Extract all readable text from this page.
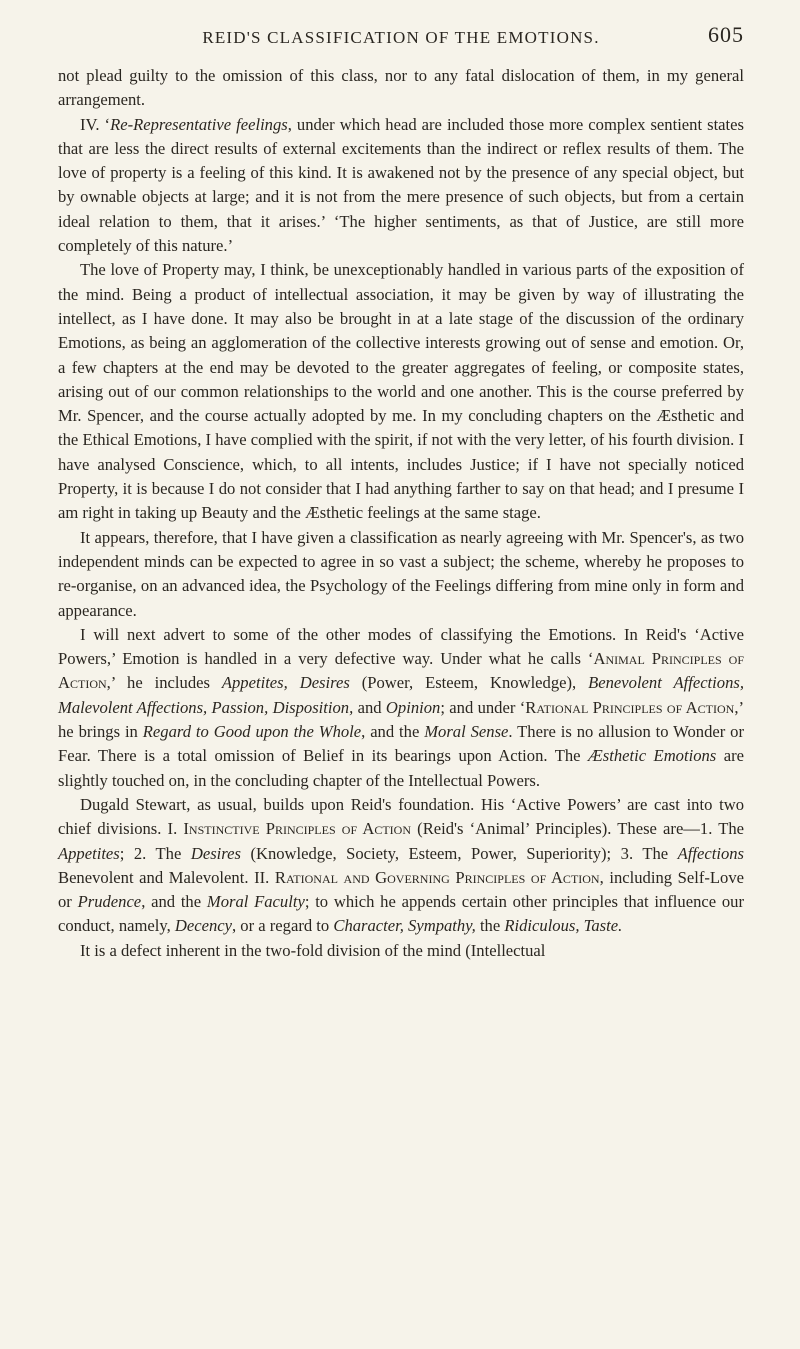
REID'S CLASSIFICATION OF THE EMOTIONS.	605

not plead guilty to the omission of this class, nor to any fatal dislocation of them, in my general arrangement.

IV. ‘Re-Representative feelings, under which head are included those more complex sentient states that are less the direct results of external excitements than the indirect or reflex results of them. The love of property is a feeling of this kind. It is awakened not by the presence of any special object, but by ownable objects at large; and it is not from the mere presence of such objects, but from a certain ideal relation to them, that it arises.’ ‘The higher sentiments, as that of Justice, are still more completely of this nature.’

The love of Property may, I think, be unexceptionably handled in various parts of the exposition of the mind. Being a product of intellectual association, it may be given by way of illustrating the intellect, as I have done. It may also be brought in at a late stage of the discussion of the ordinary Emotions, as being an agglomeration of the collective interests growing out of sense and emotion. Or, a few chapters at the end may be devoted to the greater aggregates of feeling, or composite states, arising out of our common relationships to the world and one another. This is the course preferred by Mr. Spencer, and the course actually adopted by me. In my concluding chapters on the Æsthetic and the Ethical Emotions, I have complied with the spirit, if not with the very letter, of his fourth division. I have analysed Conscience, which, to all intents, includes Justice; if I have not specially noticed Property, it is because I do not consider that I had anything farther to say on that head; and I presume I am right in taking up Beauty and the Æsthetic feelings at the same stage.

It appears, therefore, that I have given a classification as nearly agreeing with Mr. Spencer's, as two independent minds can be expected to agree in so vast a subject; the scheme, whereby he proposes to re-organise, on an advanced idea, the Psychology of the Feelings differing from mine only in form and appearance.

I will next advert to some of the other modes of classifying the Emotions. In Reid's ‘Active Powers,’ Emotion is handled in a very defective way. Under what he calls ‘Animal Principles of Action,’ he includes Appetites, Desires (Power, Esteem, Knowledge), Benevolent Affections, Malevolent Affections, Passion, Disposition, and Opinion; and under ‘Rational Principles of Action,’ he brings in Regard to Good upon the Whole, and the Moral Sense. There is no allusion to Wonder or Fear. There is a total omission of Belief in its bearings upon Action. The Æsthetic Emotions are slightly touched on, in the concluding chapter of the Intellectual Powers.

Dugald Stewart, as usual, builds upon Reid's foundation. His ‘Active Powers’ are cast into two chief divisions. I. Instinctive Principles of Action (Reid's ‘Animal’ Principles). These are—1. The Appetites; 2. The Desires (Knowledge, Society, Esteem, Power, Superiority); 3. The Affections Benevolent and Malevolent. II. Rational and Governing Principles of Action, including Self-Love or Prudence, and the Moral Faculty; to which he appends certain other principles that influence our conduct, namely, Decency, or a regard to Character, Sympathy, the Ridiculous, Taste.

It is a defect inherent in the two-fold division of the mind (Intellectual
